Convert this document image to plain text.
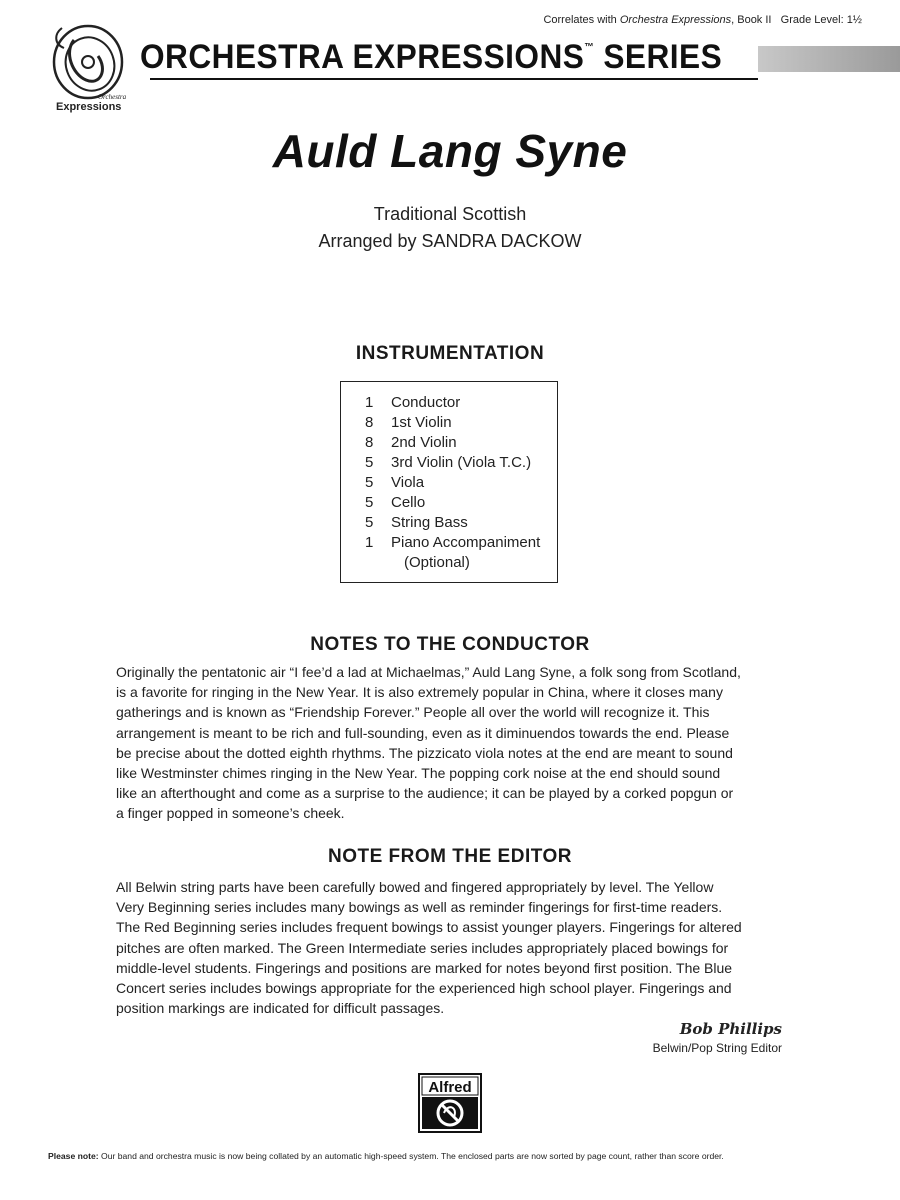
Orchestra
Expressions
Correlates with Orchestra Expressions, Book II Grade Level: 1½
ORCHESTRA EXPRESSIONS™ SERIES
Auld Lang Syne
Traditional Scottish
Arranged by SANDRA DACKOW
INSTRUMENTATION
1 Conductor
8 1st Violin
8 2nd Violin
5 3rd Violin (Viola T.C.)
5 Viola
5 Cello
5 String Bass
1 Piano Accompaniment
(Optional)
NOTES TO THE CONDUCTOR
Originally the pentatonic air “I fee’d a lad at Michaelmas,” Auld Lang Syne, a folk song from Scotland,
is a favorite for ringing in the New Year. It is also extremely popular in China, where it closes many
gatherings and is known as “Friendship Forever.” People all over the world will recognize it. This
arrangement is meant to be rich and full-sounding, even as it diminuendos towards the end. Please
be precise about the dotted eighth rhythms. The pizzicato viola notes at the end are meant to sound
like Westminster chimes ringing in the New Year. The popping cork noise at the end should sound
like an afterthought and come as a surprise to the audience; it can be played by a corked popgun or
a finger popped in someone’s cheek.
NOTE FROM THE EDITOR
All Belwin string parts have been carefully bowed and fingered appropriately by level. The Yellow
Very Beginning series includes many bowings as well as reminder fingerings for first-time readers.
The Red Beginning series includes frequent bowings to assist younger players. Fingerings for altered
pitches are often marked. The Green Intermediate series includes appropriately placed bowings for
middle-level students. Fingerings and positions are marked for notes beyond first position. The Blue
Concert series includes bowings appropriate for the experienced high school player. Fingerings and
position markings are indicated for difficult passages.
Bob Phillips
Belwin/Pop String Editor
Alfred
Please note: Our band and orchestra music is now being collated by an automatic high-speed system. The enclosed parts are now sorted by page count, rather than score order.
